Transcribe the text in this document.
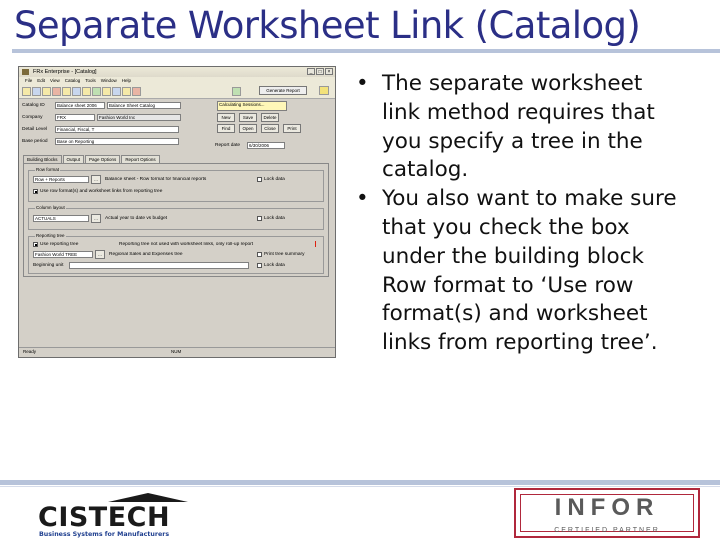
Separate Worksheet Link (Catalog)
FRx Enterprise - [Catalog]	_	□	×
File Edit View Catalog Tools Window Help
Generate Report
Catalog ID	Balance sheet 2006	Balance Sheet Catalog
Company	FRX	Fashion World Inc
Detail Level	Financial, Fiscal, T
Base period	Base on Reporting
Report date	6/30/2006
Calculating Sessions...
New	Save	Delete
Find	Open	Close	Print
Building Blocks	Output	Page Options	Report Options
Row format
Row + Reports	...	Balance sheet - Row format for financial reports	Lock data
Use row format(s) and worksheet links from reporting tree
Column layout
ACTUALS	...	Actual year to date vs budget	Lock data
Reporting tree
Use reporting tree	Reporting tree not used with worksheet links, only roll-up report
Fashion World TREE	...	Regional Sales and Expenses tree	Print tree summary
Beginning unit	Lock data
Ready	NUM
• The separate worksheet link method requires that you specify a tree in the catalog.
• You also want to make sure that you check the box under the building block Row format to ‘Use row format(s) and worksheet links from reporting tree’.
CISTECH
Business Systems for Manufacturers
INFOR
CERTIFIED PARTNER
